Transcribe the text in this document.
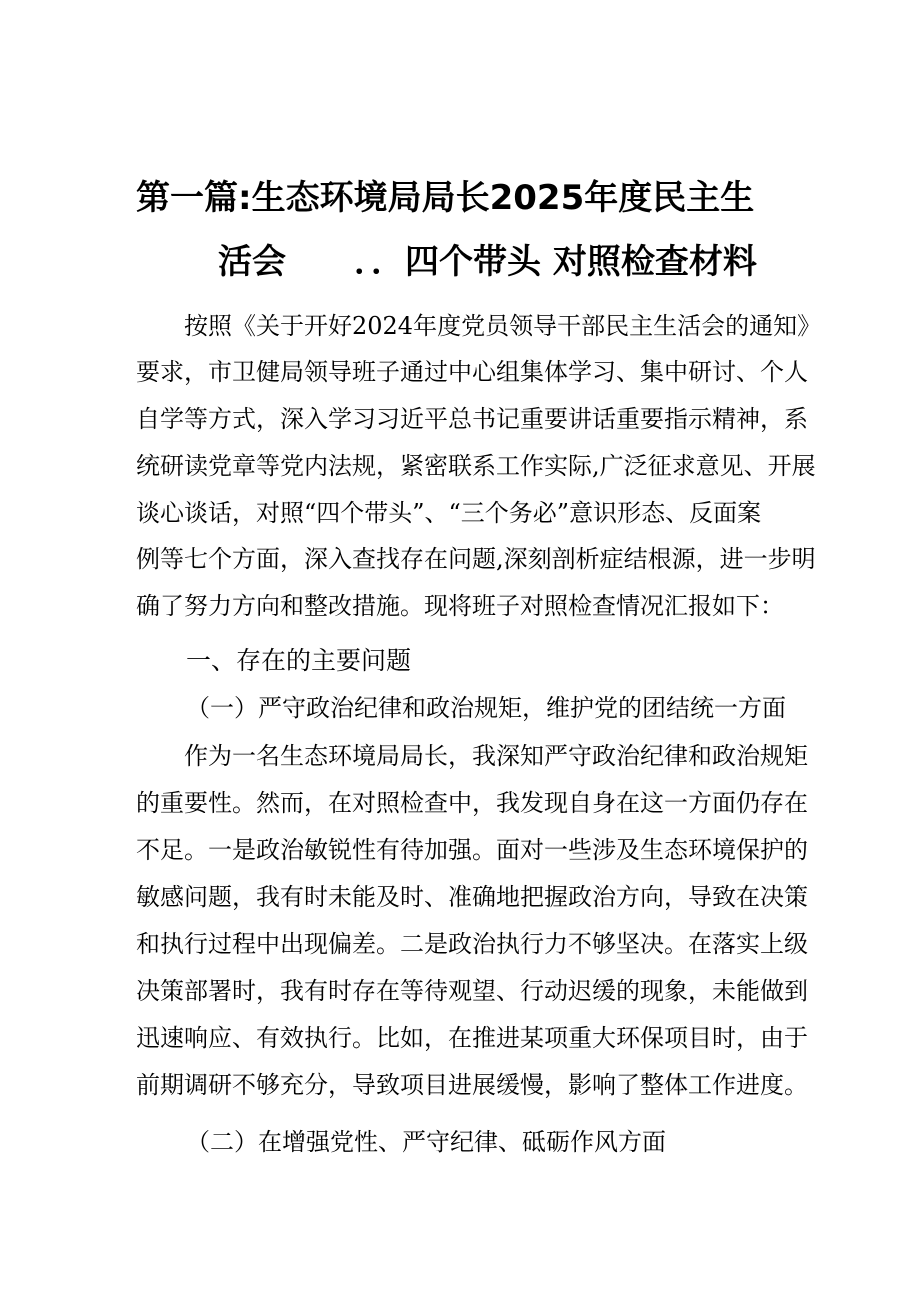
第一篇:生态环境局局长2025年度民主生
活会　　．．四个带头 对照检查材料
　　按照《关于开好2024年度党员领导干部民主生活会的通知》
要求，市卫健局领导班子通过中心组集体学习、集中研讨、个人
自学等方式，深入学习习近平总书记重要讲话重要指示精神，系
统研读党章等党内法规，紧密联系工作实际,广泛征求意见、开展
谈心谈话，对照“四个带头”、“三个务必”意识形态、反面案
例等七个方面，深入查找存在问题,深刻剖析症结根源，进一步明
确了努力方向和整改措施。现将班子对照检查情况汇报如下：
一、存在的主要问题
（一）严守政治纪律和政治规矩，维护党的团结统一方面
　　作为一名生态环境局局长，我深知严守政治纪律和政治规矩
的重要性。然而，在对照检查中，我发现自身在这一方面仍存在
不足。一是政治敏锐性有待加强。面对一些涉及生态环境保护的
敏感问题，我有时未能及时、准确地把握政治方向，导致在决策
和执行过程中出现偏差。二是政治执行力不够坚决。在落实上级
决策部署时，我有时存在等待观望、行动迟缓的现象，未能做到
迅速响应、有效执行。比如，在推进某项重大环保项目时，由于
前期调研不够充分，导致项目进展缓慢，影响了整体工作进度。
（二）在增强党性、严守纪律、砥砺作风方面
